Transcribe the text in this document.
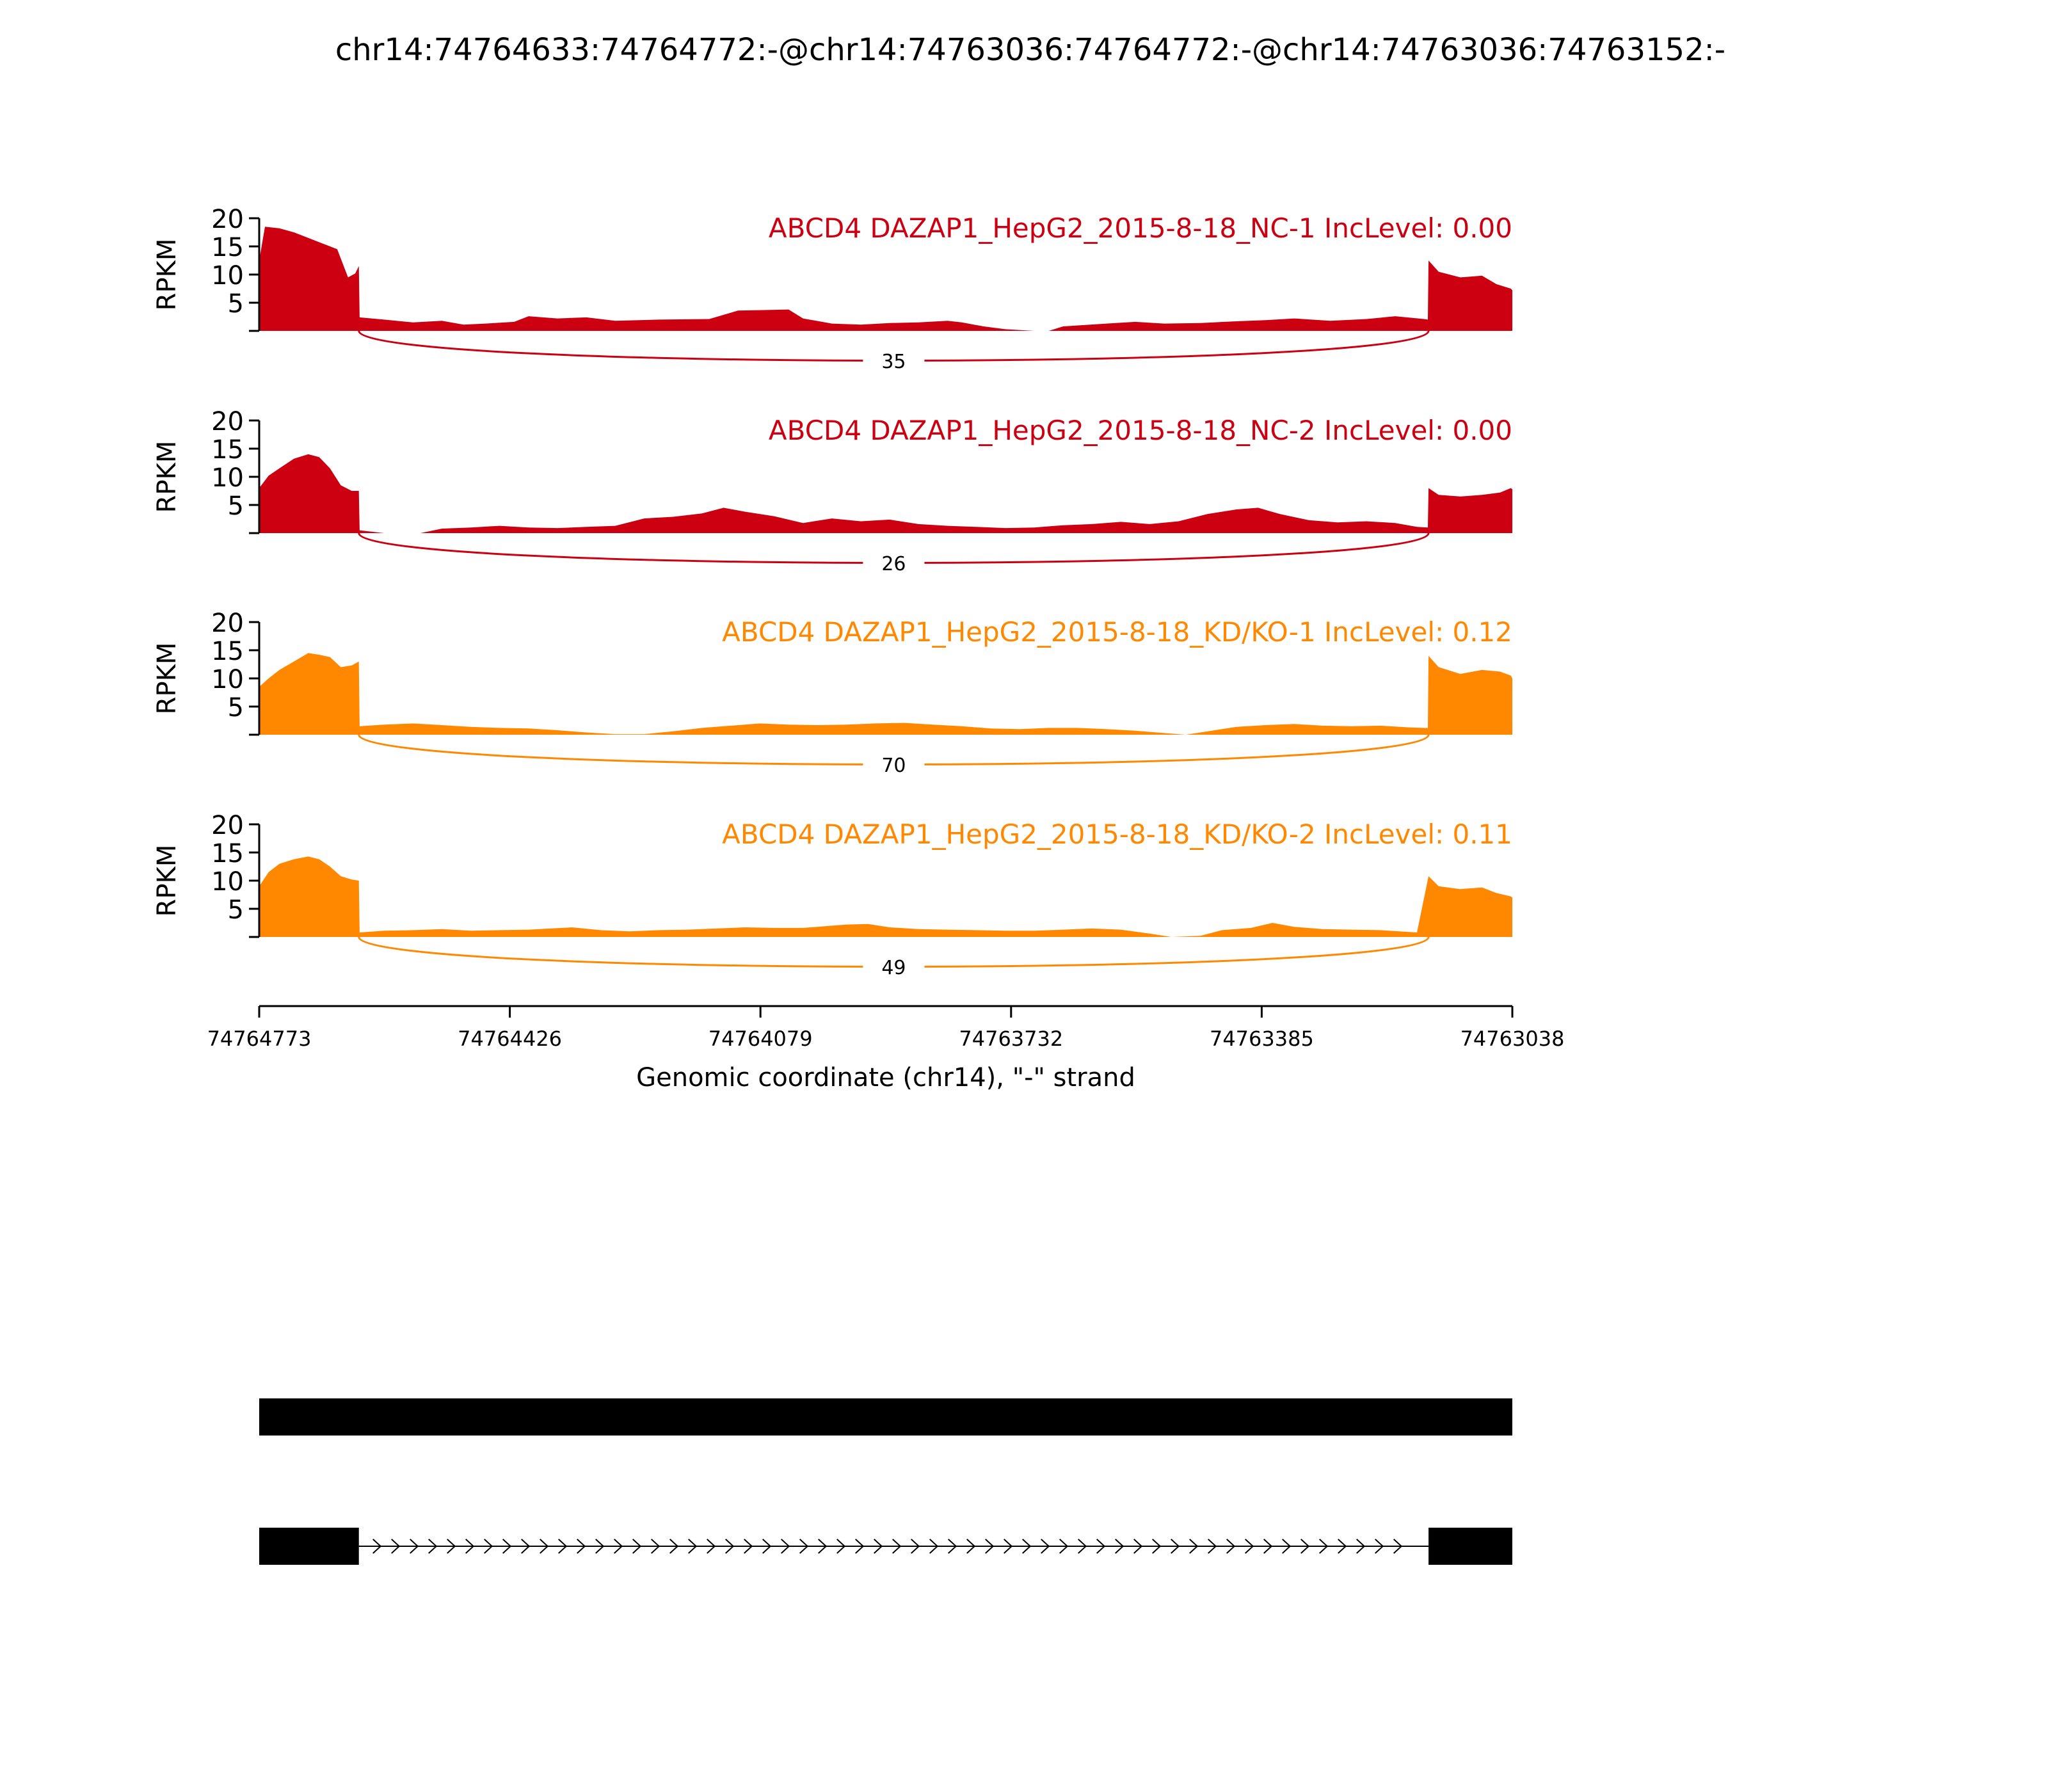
chr14:74764633:74764772:-@chr14:74763036:74764772:-@chr14:74763036:74763152:-
5
10
15
20
RPKM
ABCD4 DAZAP1_HepG2_2015-8-18_NC-1 IncLevel: 0.00
35
5
10
15
20
RPKM
ABCD4 DAZAP1_HepG2_2015-8-18_NC-2 IncLevel: 0.00
26
5
10
15
20
RPKM
ABCD4 DAZAP1_HepG2_2015-8-18_KD/KO-1 IncLevel: 0.12
70
5
10
15
20
RPKM
ABCD4 DAZAP1_HepG2_2015-8-18_KD/KO-2 IncLevel: 0.11
49
74764773	74764426	74764079	74763732	74763385	74763038
Genomic coordinate (chr14), "-" strand
